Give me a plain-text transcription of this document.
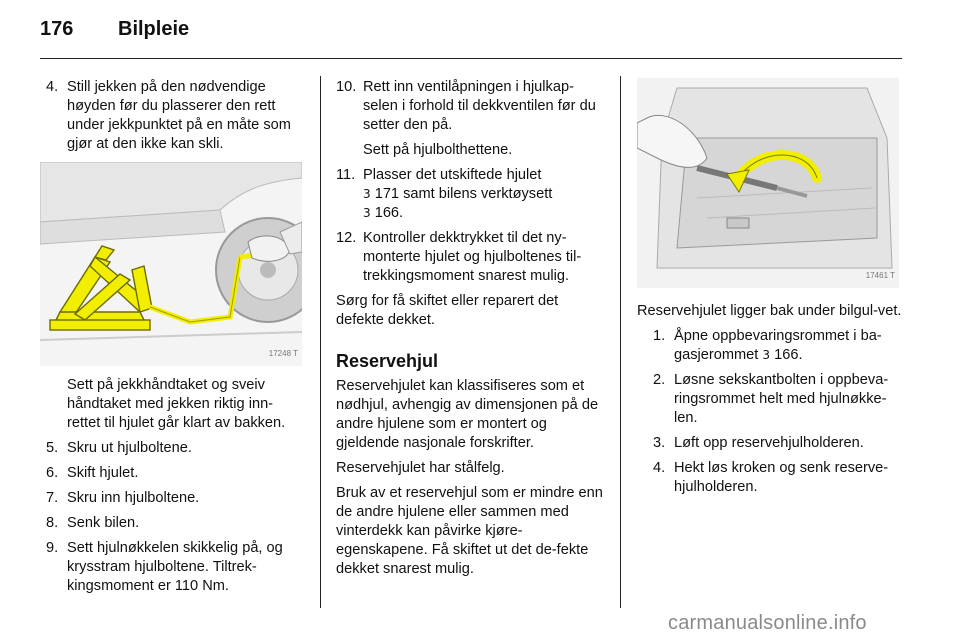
176 Bilpleie
4. Still jekken på den nødvendige høyden før du plasserer den rett under jekkpunktet på en måte som gjør at den ikke kan skli.
17248 T

Sett på jekkhåndtaket og sveiv håndtaket med jekken riktig inn-rettet til hjulet går klart av bakken.

5. Skru ut hjulboltene.
6. Skift hjulet.
7. Skru inn hjulboltene.
8. Senk bilen.
9. Sett hjulnøkkelen skikkelig på, og krysstram hjulboltene. Tiltrek-kingsmoment er 110 Nm.
10. Rett inn ventilåpningen i hjulkap-selen i forhold til dekkventilen før du setter den på.

Sett på hjulbolthettene.

11. Plasser det utskiftede hjulet
3 171 samt bilens verktøysett
3 166.
12. Kontroller dekktrykket til det ny-monterte hjulet og hjulboltenes til-trekkingsmoment snarest mulig.

Sørg for få skiftet eller reparert det defekte dekket.

Reservehjul

Reservehjulet kan klassifiseres som et nødhjul, avhengig av dimensjonen på de andre hjulene som er montert og gjeldende nasjonale forskrifter.

Reservehjulet har stålfelg.

Bruk av et reservehjul som er mindre enn de andre hjulene eller sammen med vinterdekk kan påvirke kjøre-egenskapene. Få skiftet ut det de-fekte dekket snarest mulig.

17461 T

Reservehjulet ligger bak under bilgul-vet.

1. Åpne oppbevaringsrommet i ba-gasjerommet 3 166.
2. Løsne sekskantbolten i oppbeva-ringsrommet helt med hjulnøkke-len.
3. Løft opp reservehjulholderen.
4. Hekt løs kroken og senk reserve-hjulholderen.
carmanualsonline.info
